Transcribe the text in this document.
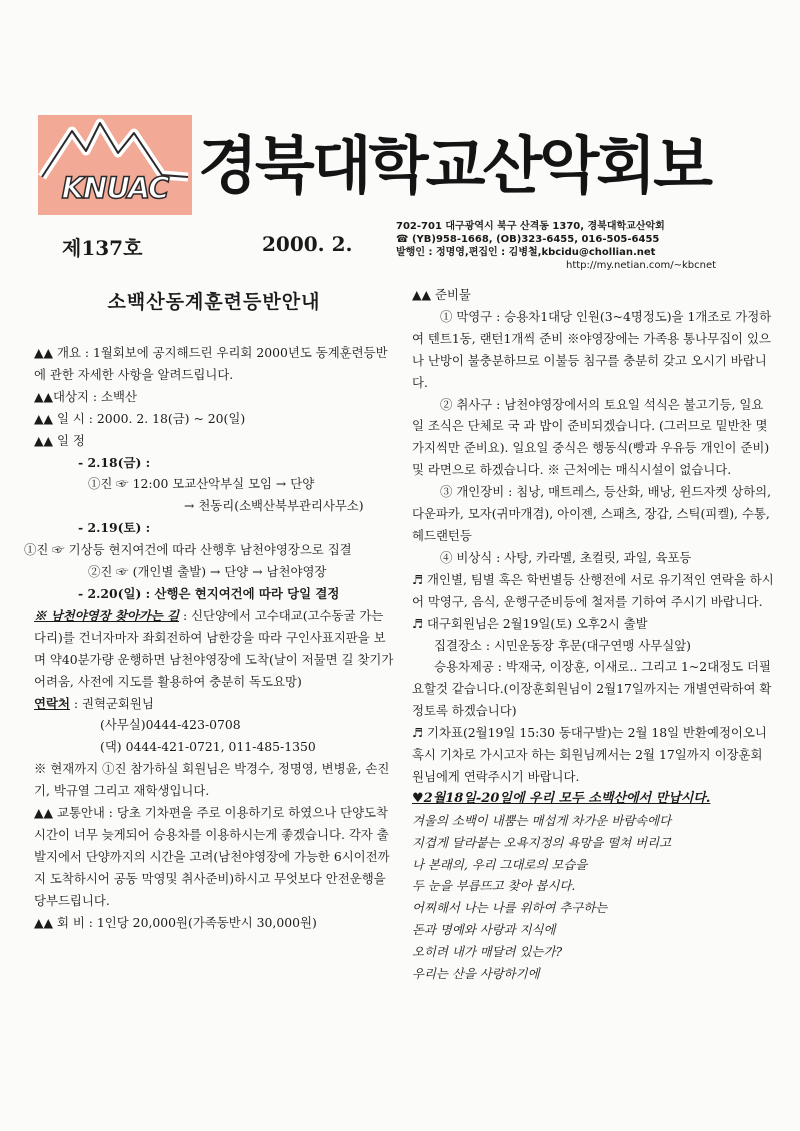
KNUAC 경북대학교산악회보
제137호	2000. 2.
702-701 대구광역시 북구 산격동 1370, 경북대학교산악회
☎ (YB)958-1668, (OB)323-6455, 016-505-6455
발행인 : 정명영,편집인 : 김병철,kbcidu@chollian.net
http://my.netian.com/~kbcnet
소백산동계훈련등반안내

▲▲ 개요 : 1월회보에 공지해드린 우리회 2000년도 동계훈련등반에 관한 자세한 사항을 알려드립니다.

▲▲대상지 : 소백산

▲▲ 일 시 : 2000. 2. 18(금) ~ 20(일)

▲▲ 일 정

- 2.18(금) :

①진 ☞ 12:00 모교산악부실 모임 → 단양

→ 천동리(소백산북부관리사무소)

- 2.19(토) :

①진 ☞ 기상등 현지여건에 따라 산행후 남천야영장으로 집결

②진 ☞ (개인별 출발) → 단양 → 남천야영장

- 2.20(일) : 산행은 현지여건에 따라 당일 결정

※ 남천야영장 찾아가는 길 : 신단양에서 고수대교(고수동굴 가는다리)를 건너자마자 좌회전하여 남한강을 따라 구인사표지판을 보며 약40분가량 운행하면 남천야영장에 도착(날이 저물면 길 찾기가 어려움, 사전에 지도를 활용하여 충분히 독도요망)

연락처 : 권혁군회원님

(사무실)0444-423-0708

(댁) 0444-421-0721, 011-485-1350

※ 현재까지 ①진 참가하실 회원님은 박경수, 정명영, 변병윤, 손진기, 박규열 그리고 재학생입니다.

▲▲ 교통안내 : 당초 기차편을 주로 이용하기로 하였으나 단양도착시간이 너무 늦게되어 승용차를 이용하시는게 좋겠습니다. 각자 출발지에서 단양까지의 시간을 고려(남천야영장에 가능한 6시이전까지 도착하시어 공동 막영및 취사준비)하시고 무엇보다 안전운행을 당부드립니다.

▲▲ 회 비 : 1인당 20,000원(가족동반시 30,000원)

▲▲ 준비물

① 막영구 : 승용차1대당 인원(3~4명정도)을 1개조로 가정하여 텐트1동, 랜턴1개씩 준비 ※야영장에는 가족용 통나무집이 있으나 난방이 불충분하므로 이불등 침구를 충분히 갖고 오시기 바랍니다.

② 취사구 : 남천야영장에서의 토요일 석식은 불고기등, 일요일 조식은 단체로 국 과 밥이 준비되겠습니다. (그러므로 밑반찬 몇가지씩만 준비요). 일요일 중식은 행동식(빵과 우유등 개인이 준비) 및 라면으로 하겠습니다. ※ 근처에는 매식시설이 없습니다.

③ 개인장비 : 침낭, 매트레스, 등산화, 배낭, 윈드자켓 상하의, 다운파카, 모자(귀마개겸), 아이젠, 스패츠, 장갑, 스틱(피켈), 수통, 헤드랜턴등

④ 비상식 : 사탕, 카라멜, 초컬릿, 과일, 육포등

♬ 개인별, 팀별 혹은 학번별등 산행전에 서로 유기적인 연락을 하시어 막영구, 음식, 운행구준비등에 철저를 기하여 주시기 바랍니다.

♬ 대구회원님은 2월19일(토) 오후2시 출발

집결장소 : 시민운동장 후문(대구연맹 사무실앞)

승용차제공 : 박재국, 이장훈, 이새로.. 그리고 1~2대정도 더필요할것 같습니다.(이장훈회원님이 2월17일까지는 개별연락하여 확정토록 하겠습니다)

♬ 기차표(2월19일 15:30 동대구발)는 2월 18일 반환예정이오니 혹시 기차로 가시고자 하는 회원님께서는 2월 17일까지 이장훈회원님에게 연락주시기 바랍니다.

♥2월18일-20일에 우리 모두 소백산에서 만납시다.

겨울의 소백이 내뿜는 매섭게 차가운 바람속에다

지겹게 달라붙는 오욕지정의 욕망을 떨쳐 버리고

나 본래의, 우리 그대로의 모습을

두 눈을 부릅뜨고 찾아 봅시다.

어찌해서 나는 나를 위하여 추구하는

돈과 명예와 사랑과 지식에

오히려 내가 매달려 있는가?

우리는 산을 사랑하기에
